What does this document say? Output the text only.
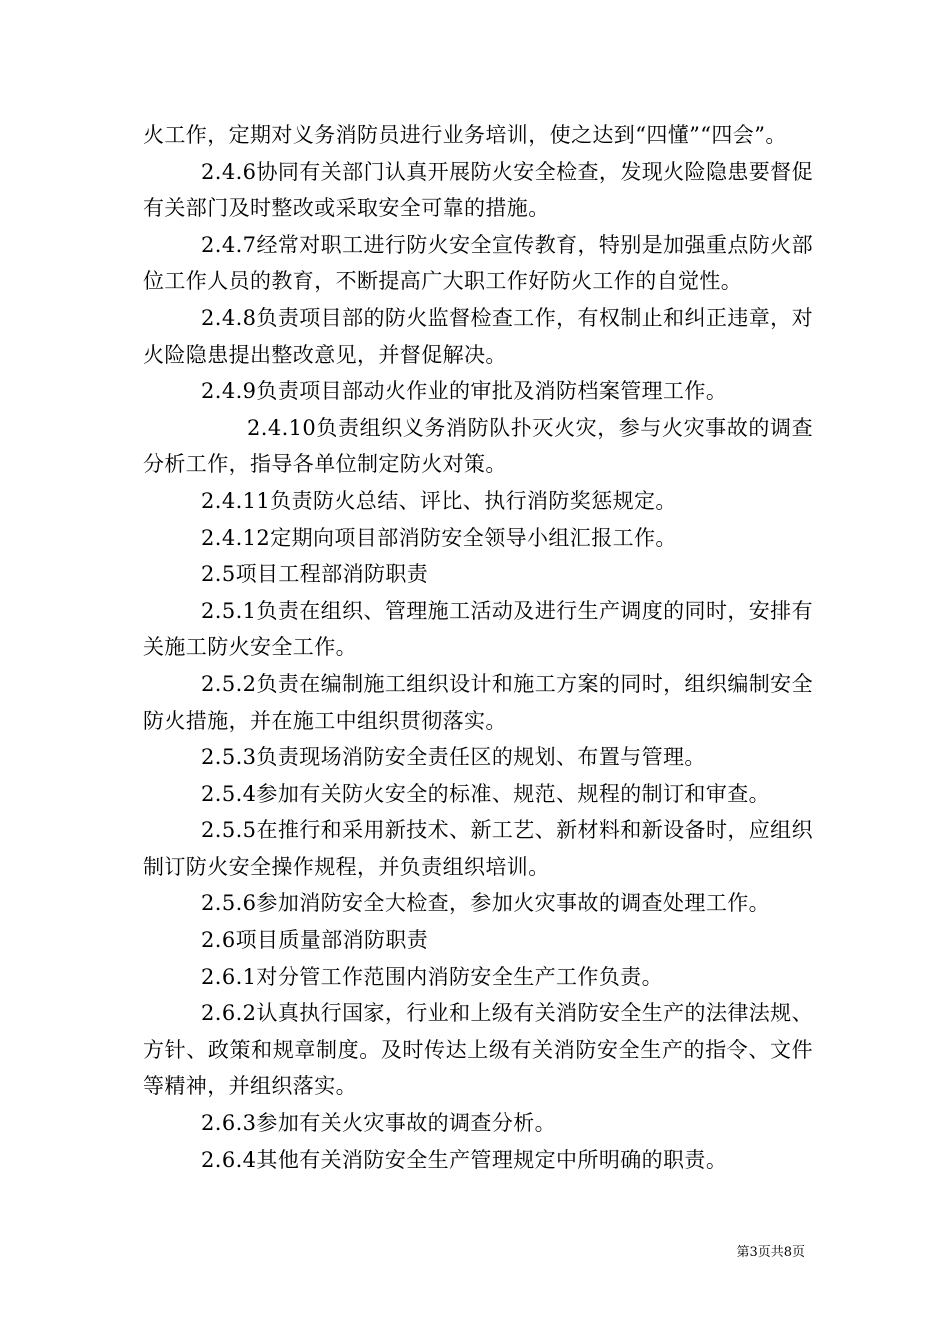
火工作，定期对义务消防员进行业务培训，使之达到“四懂”“四会”。

2.4.6协同有关部门认真开展防火安全检查，发现火险隐患要督促有关部门及时整改或采取安全可靠的措施。

2.4.7经常对职工进行防火安全宣传教育，特别是加强重点防火部位工作人员的教育，不断提高广大职工作好防火工作的自觉性。

2.4.8负责项目部的防火监督检查工作，有权制止和纠正违章，对火险隐患提出整改意见，并督促解决。

2.4.9负责项目部动火作业的审批及消防档案管理工作。

2.4.10负责组织义务消防队扑灭火灾，参与火灾事故的调查分析工作，指导各单位制定防火对策。

2.4.11负责防火总结、评比、执行消防奖惩规定。

2.4.12定期向项目部消防安全领导小组汇报工作。

2.5项目工程部消防职责

2.5.1负责在组织、管理施工活动及进行生产调度的同时，安排有关施工防火安全工作。

2.5.2负责在编制施工组织设计和施工方案的同时，组织编制安全防火措施，并在施工中组织贯彻落实。

2.5.3负责现场消防安全责任区的规划、布置与管理。

2.5.4参加有关防火安全的标准、规范、规程的制订和审查。

2.5.5在推行和采用新技术、新工艺、新材料和新设备时，应组织制订防火安全操作规程，并负责组织培训。

2.5.6参加消防安全大检查，参加火灾事故的调查处理工作。

2.6项目质量部消防职责

2.6.1对分管工作范围内消防安全生产工作负责。

2.6.2认真执行国家，行业和上级有关消防安全生产的法律法规、方针、政策和规章制度。及时传达上级有关消防安全生产的指令、文件等精神，并组织落实。

2.6.3参加有关火灾事故的调查分析。

2.6.4其他有关消防安全生产管理规定中所明确的职责。

第3页共8页
